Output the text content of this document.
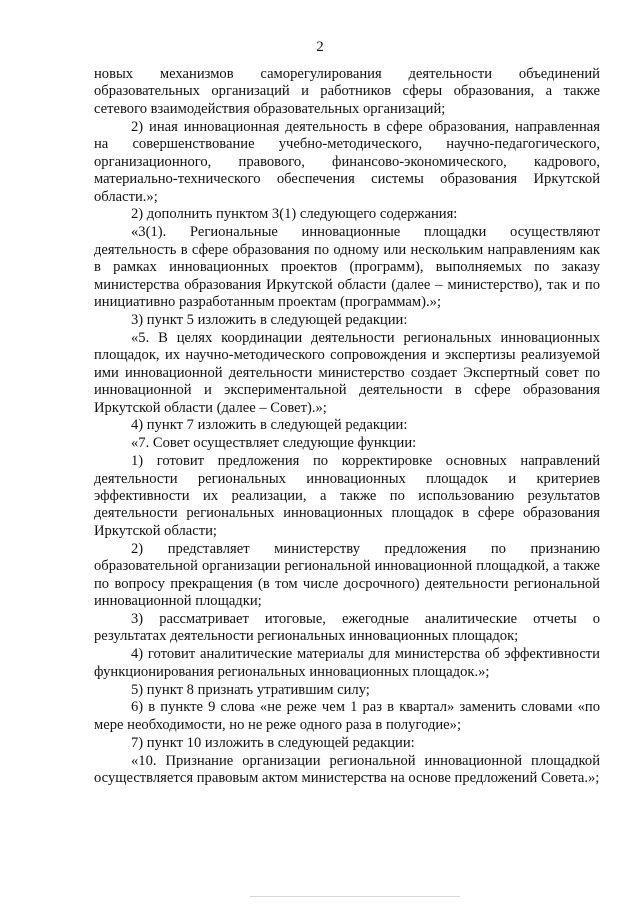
2

новых механизмов саморегулирования деятельности объединений образовательных организаций и работников сферы образования, а также сетевого взаимодействия образовательных организаций;

2) иная инновационная деятельность в сфере образования, направленная на совершенствование учебно-методического, научно-педагогического, организационного, правового, финансово-экономического, кадрового, материально-технического обеспечения системы образования Иркутской области.»;

2) дополнить пунктом 3(1) следующего содержания:

«3(1). Региональные инновационные площадки осуществляют деятельность в сфере образования по одному или нескольким направлениям как в рамках инновационных проектов (программ), выполняемых по заказу министерства образования Иркутской области (далее – министерство), так и по инициативно разработанным проектам (программам).»;

3) пункт 5 изложить в следующей редакции:

«5. В целях координации деятельности региональных инновационных площадок, их научно-методического сопровождения и экспертизы реализуемой ими инновационной деятельности министерство создает Экспертный совет по инновационной и экспериментальной деятельности в сфере образования Иркутской области (далее – Совет).»;

4) пункт 7 изложить в следующей редакции:

«7. Совет осуществляет следующие функции:

1) готовит предложения по корректировке основных направлений деятельности региональных инновационных площадок и критериев эффективности их реализации, а также по использованию результатов деятельности региональных инновационных площадок в сфере образования Иркутской области;

2) представляет министерству предложения по признанию образовательной организации региональной инновационной площадкой, а также по вопросу прекращения (в том числе досрочного) деятельности региональной инновационной площадки;

3) рассматривает итоговые, ежегодные аналитические отчеты о результатах деятельности региональных инновационных площадок;

4) готовит аналитические материалы для министерства об эффективности функционирования региональных инновационных площадок.»;

5) пункт 8 признать утратившим силу;

6) в пункте 9 слова «не реже чем 1 раз в квартал» заменить словами «по мере необходимости, но не реже одного раза в полугодие»;

7) пункт 10 изложить в следующей редакции:

«10. Признание организации региональной инновационной площадкой осуществляется правовым актом министерства на основе предложений Совета.»;
